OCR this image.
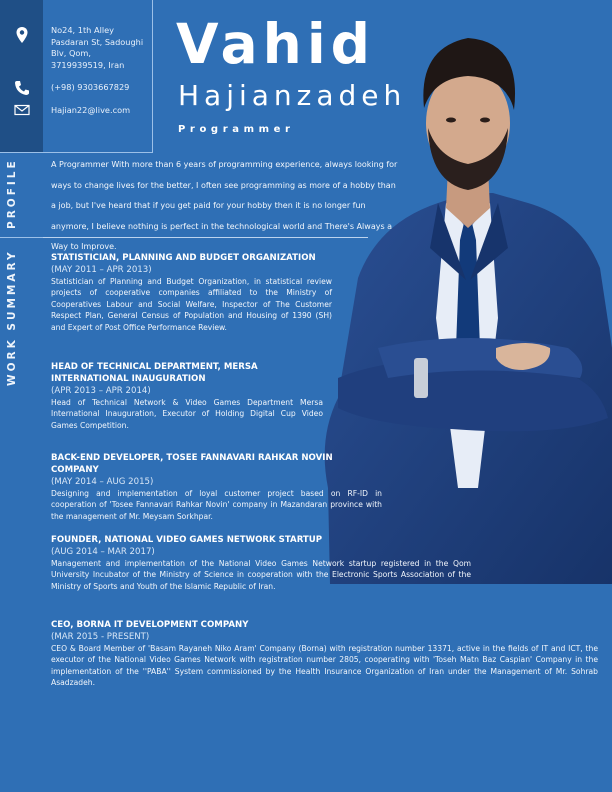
No24, 1th Alley Pasdaran St, Sadoughi Blv, Qom, 3719939519, Iran
(+98) 9303667829
Hajian22@live.com
Vahid
Hajianzadeh
Programmer
PROFILE
WORK SUMMARY
A Programmer With more than 6 years of programming experience, always looking for ways to change lives for the better, I often see programming as more of a hobby than a job, but I've heard that if you get paid for your hobby then it is no longer fun anymore, I believe nothing is perfect in the technological world and There's Always a Way to Improve.
STATISTICIAN, PLANNING AND BUDGET ORGANIZATION
(MAY 2011 – APR 2013)
Statistician of Planning and Budget Organization, in statistical review projects of cooperative companies affiliated to the Ministry of Cooperatives Labour and Social Welfare, Inspector of The Customer Respect Plan, General Census of Population and Housing of 1390 (SH) and Expert of Post Office Performance Review.
HEAD OF TECHNICAL DEPARTMENT, MERSA INTERNATIONAL INAUGURATION
(APR 2013 – APR 2014)
Head of Technical Network & Video Games Department Mersa International Inauguration, Executor of Holding Digital Cup Video Games Competition.
BACK-END DEVELOPER, TOSEE FANNAVARI RAHKAR NOVIN COMPANY
(MAY 2014 – AUG 2015)
Designing and implementation of loyal customer project based on RF-ID in cooperation of 'Tosee Fannavari Rahkar Novin' company in Mazandaran province with the management of Mr. Meysam Sorkhpar.
FOUNDER, NATIONAL VIDEO GAMES NETWORK STARTUP
(AUG 2014 – MAR 2017)
Management and implementation of the National Video Games Network startup registered in the Qom University Incubator of the Ministry of Science in cooperation with the Electronic Sports Association of the Ministry of Sports and Youth of the Islamic Republic of Iran.
CEO, BORNA IT DEVELOPMENT COMPANY
(MAR 2015 - PRESENT)
CEO & Board Member of 'Basam Rayaneh Niko Aram' Company (Borna) with registration number 13371, active in the fields of IT and ICT, the executor of the National Video Games Network with registration number 2805, cooperating with 'Toseh Matn Baz Caspian' Company in the implementation of the ''PABA'' System commissioned by the Health Insurance Organization of Iran under the Management of Mr. Sohrab Asadzadeh.
